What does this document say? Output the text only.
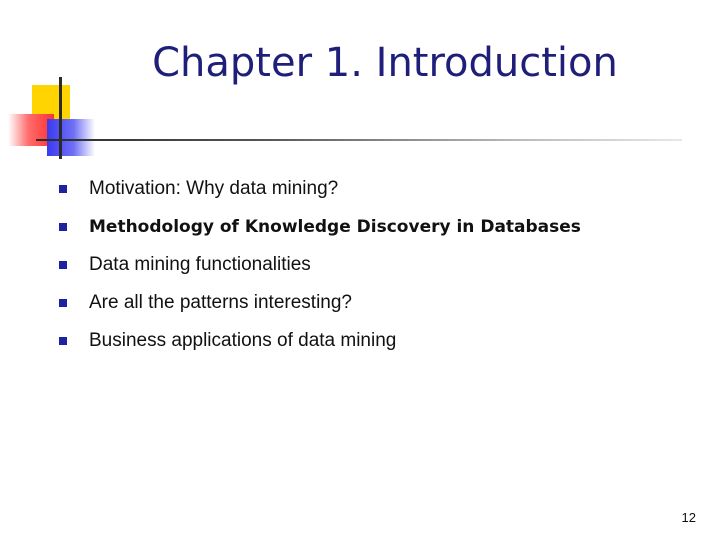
Chapter 1. Introduction
Motivation: Why data mining?
Methodology of Knowledge Discovery in Databases
Data mining functionalities
Are all the patterns interesting?
Business applications of data mining
12
